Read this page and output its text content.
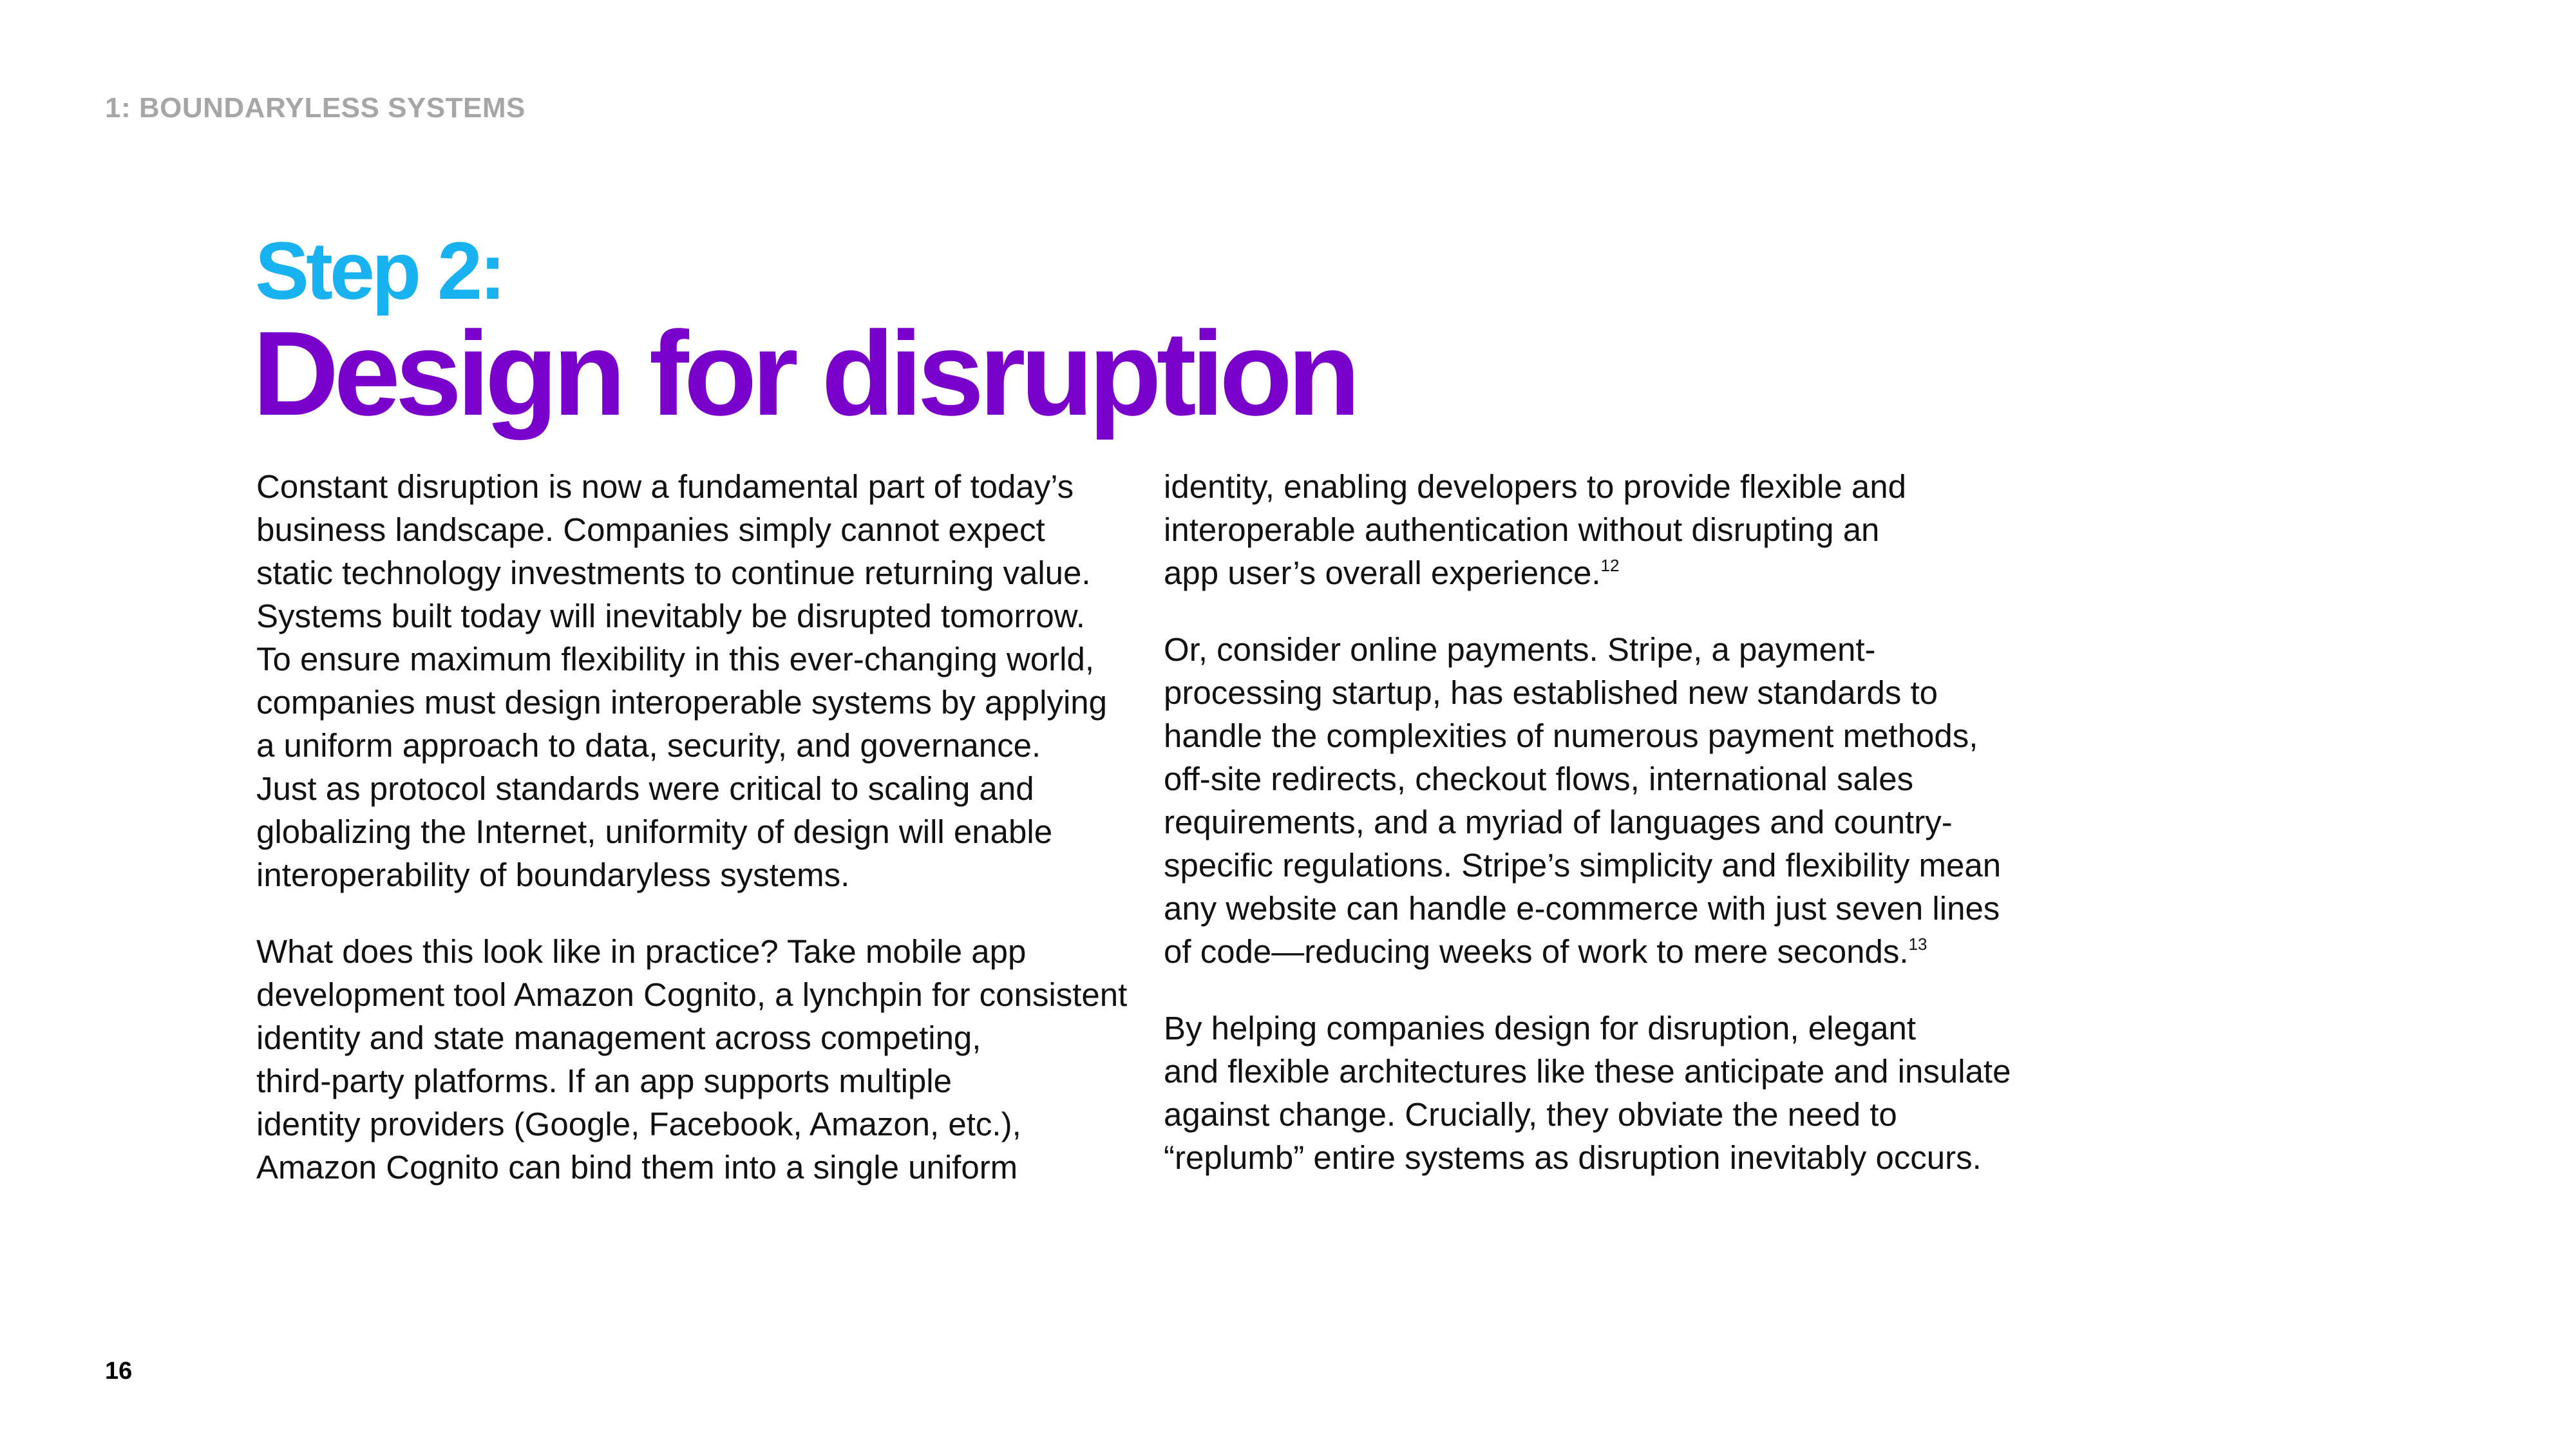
1: BOUNDARYLESS SYSTEMS
Step 2:
Design for disruption

Constant disruption is now a fundamental part of today’s
business landscape. Companies simply cannot expect
static technology investments to continue returning value.
Systems built today will inevitably be disrupted tomorrow.
To ensure maximum flexibility in this ever-changing world,
companies must design interoperable systems by applying
a uniform approach to data, security, and governance.
Just as protocol standards were critical to scaling and
globalizing the Internet, uniformity of design will enable
interoperability of boundaryless systems.

What does this look like in practice? Take mobile app
development tool Amazon Cognito, a lynchpin for consistent
identity and state management across competing,
third-party platforms. If an app supports multiple
identity providers (Google, Facebook, Amazon, etc.),
Amazon Cognito can bind them into a single uniform

identity, enabling developers to provide flexible and
interoperable authentication without disrupting an
app user’s overall experience.$^{12}$

Or, consider online payments. Stripe, a payment-
processing startup, has established new standards to
handle the complexities of numerous payment methods,
off-site redirects, checkout flows, international sales
requirements, and a myriad of languages and country-
specific regulations. Stripe’s simplicity and flexibility mean
any website can handle e-commerce with just seven lines
of code—reducing weeks of work to mere seconds.$^{13}$

By helping companies design for disruption, elegant
and flexible architectures like these anticipate and insulate
against change. Crucially, they obviate the need to
“replumb” entire systems as disruption inevitably occurs.

16
